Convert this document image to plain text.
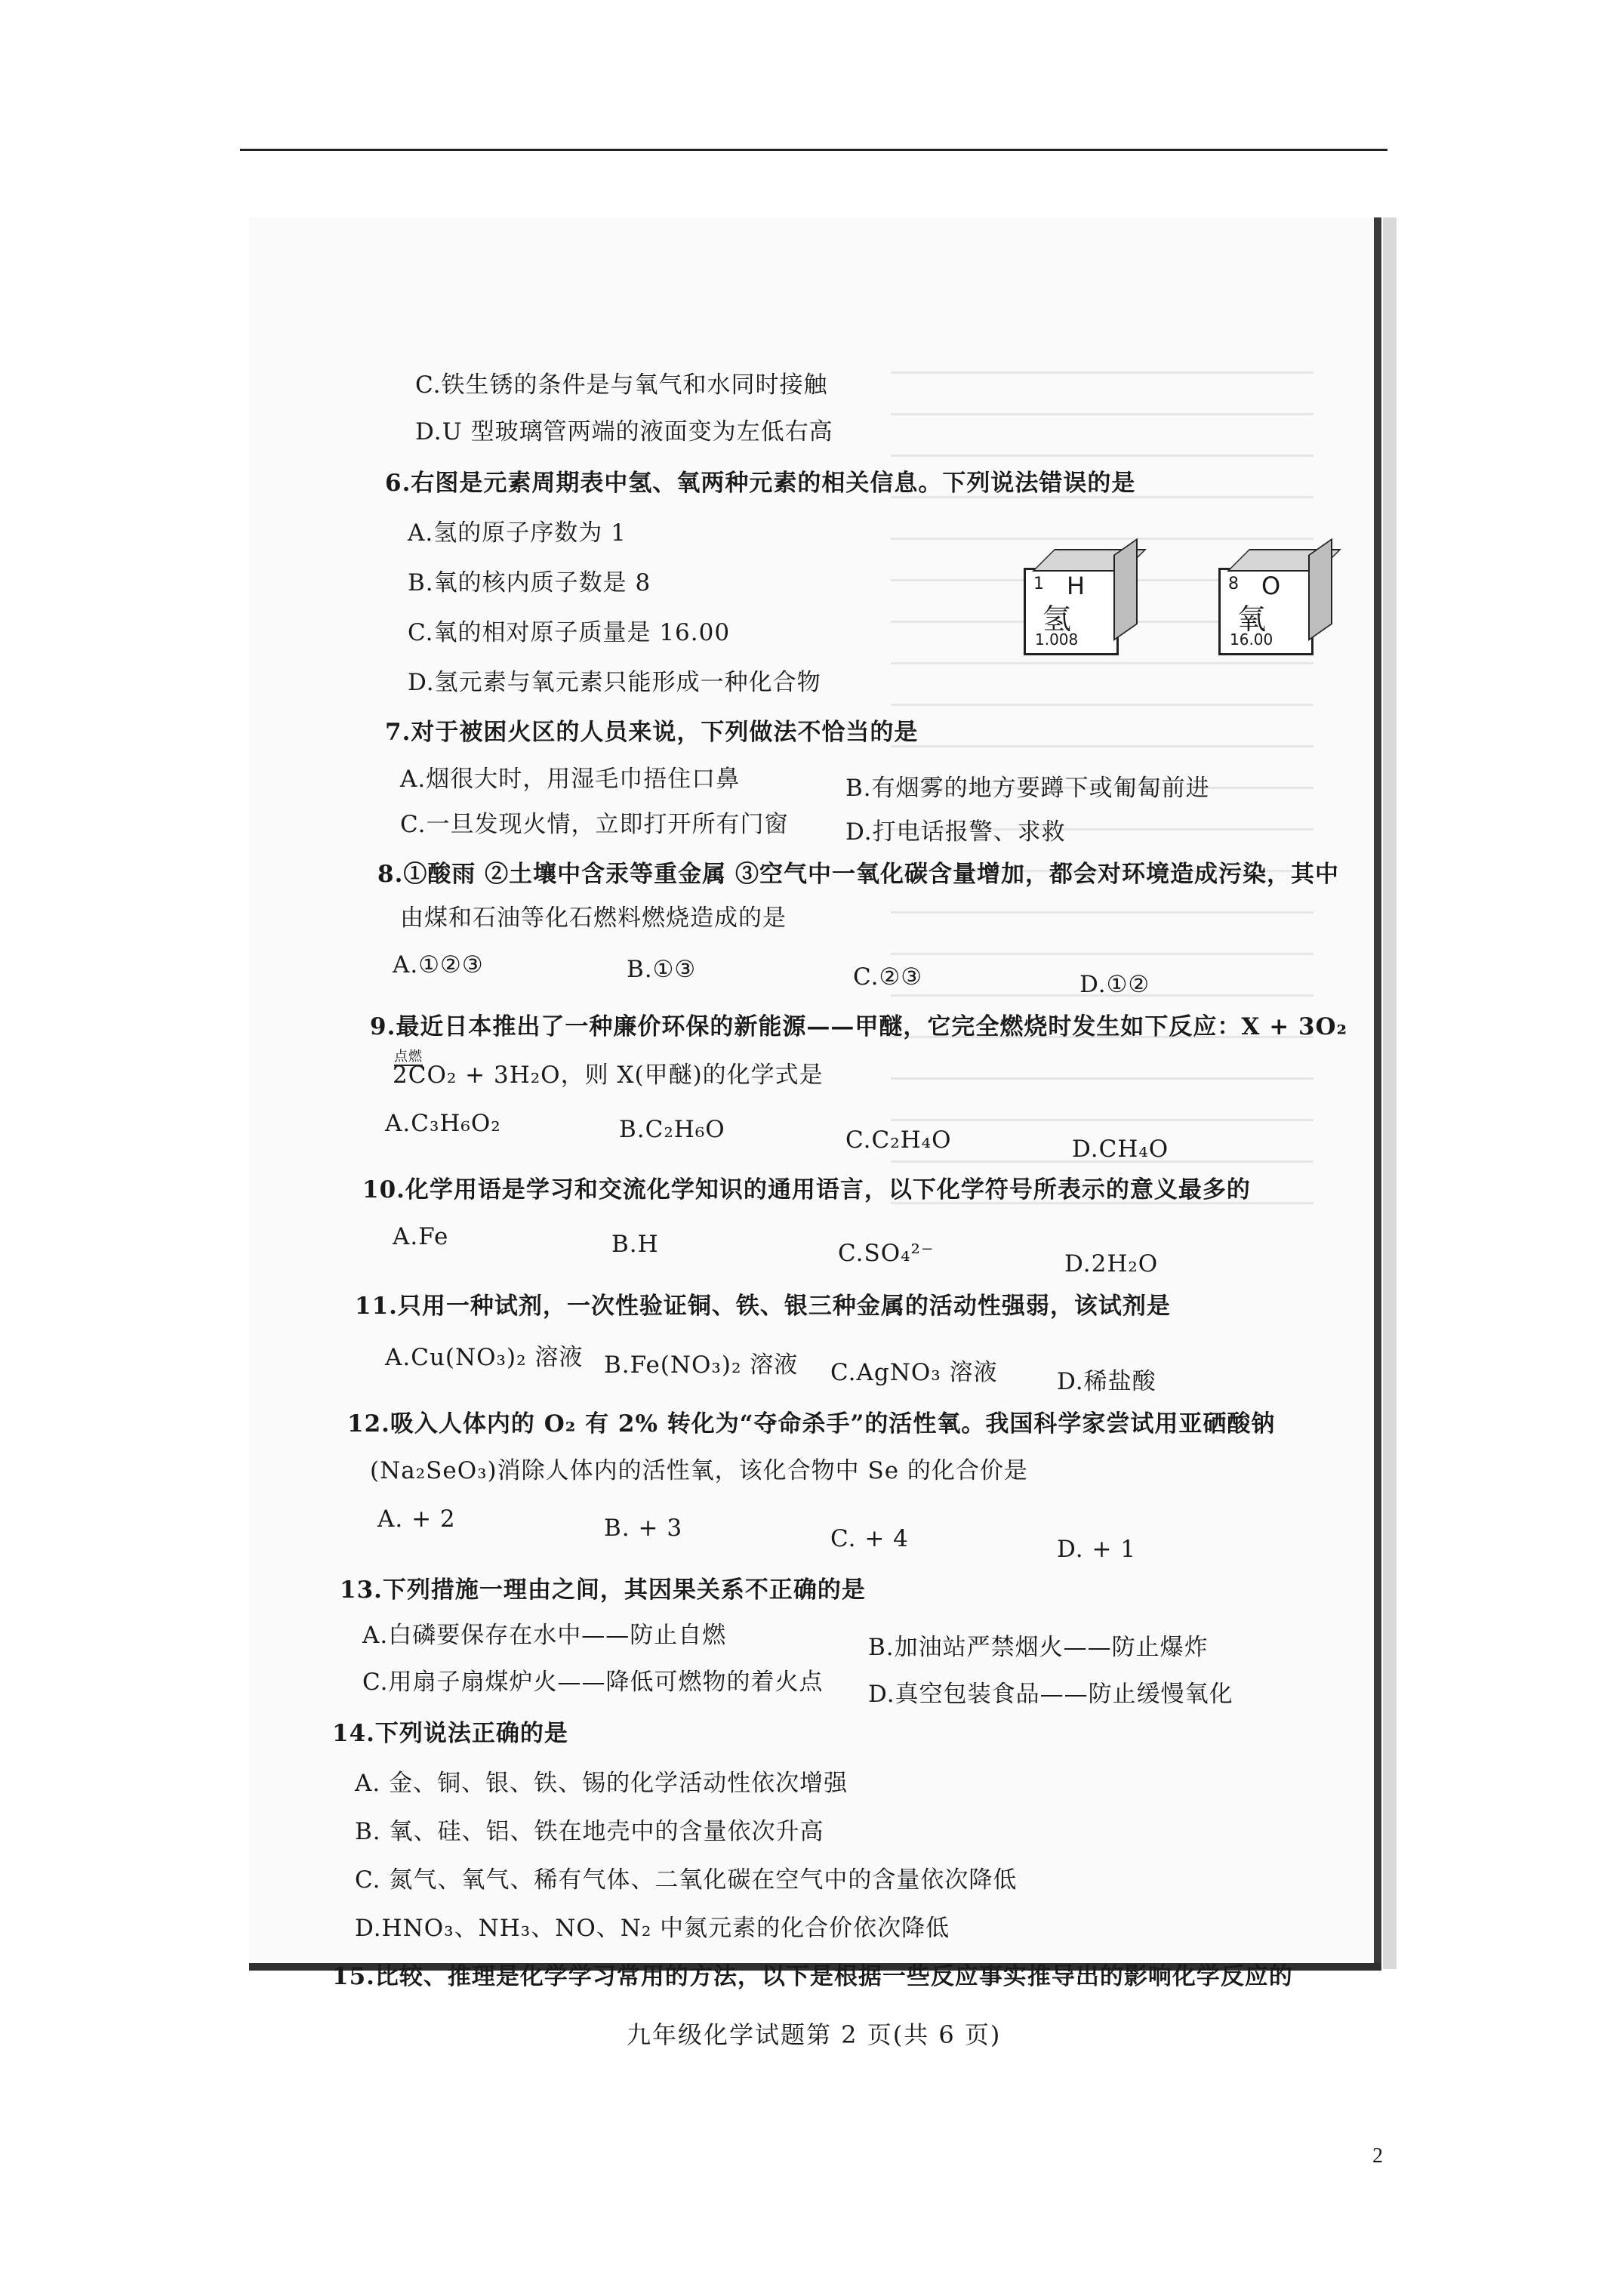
C.铁生锈的条件是与氧气和水同时接触
D.U 型玻璃管两端的液面变为左低右高
6.右图是元素周期表中氢、氧两种元素的相关信息。下列说法错误的是
A.氢的原子序数为 1
B.氧的核内质子数是 8
C.氧的相对原子质量是 16.00
D.氢元素与氧元素只能形成一种化合物
1 H
氢
1.008
8 O
氧
16.00
7.对于被困火区的人员来说，下列做法不恰当的是
A.烟很大时，用湿毛巾捂住口鼻	B.有烟雾的地方要蹲下或匍匐前进
C.一旦发现火情，立即打开所有门窗 D.打电话报警、求救
8.①酸雨 ②土壤中含汞等重金属 ③空气中一氧化碳含量增加，都会对环境造成污染，其中
由煤和石油等化石燃料燃烧造成的是
A.①②③	B.①③	C.②③	D.①②
9.最近日本推出了一种廉价环保的新能源——甲醚，它完全燃烧时发生如下反应：X + 3O₂
点燃
2CO₂ + 3H₂O，则 X(甲醚)的化学式是
A.C₃H₆O₂	B.C₂H₆O	C.C₂H₄O	D.CH₄O
10.化学用语是学习和交流化学知识的通用语言，以下化学符号所表示的意义最多的
A.Fe	B.H	C.SO₄²⁻	D.2H₂O
11.只用一种试剂，一次性验证铜、铁、银三种金属的活动性强弱，该试剂是
A.Cu(NO₃)₂ 溶液 B.Fe(NO₃)₂ 溶液 C.AgNO₃ 溶液	D.稀盐酸
12.吸入人体内的 O₂ 有 2% 转化为“夺命杀手”的活性氧。我国科学家尝试用亚硒酸钠
(Na₂SeO₃)消除人体内的活性氧，该化合物中 Se 的化合价是
A. + 2	B. + 3	C. + 4	D. + 1
13.下列措施一理由之间，其因果关系不正确的是
A.白磷要保存在水中——防止自燃	B.加油站严禁烟火——防止爆炸
C.用扇子扇煤炉火——降低可燃物的着火点 D.真空包装食品——防止缓慢氧化
14.下列说法正确的是
A. 金、铜、银、铁、锡的化学活动性依次增强
B. 氧、硅、铝、铁在地壳中的含量依次升高
C. 氮气、氧气、稀有气体、二氧化碳在空气中的含量依次降低
D.HNO₃、NH₃、NO、N₂ 中氮元素的化合价依次降低
15.比较、推理是化学学习常用的方法，以下是根据一些反应事实推导出的影响化学反应的
九年级化学试题第 2 页(共 6 页)
2
